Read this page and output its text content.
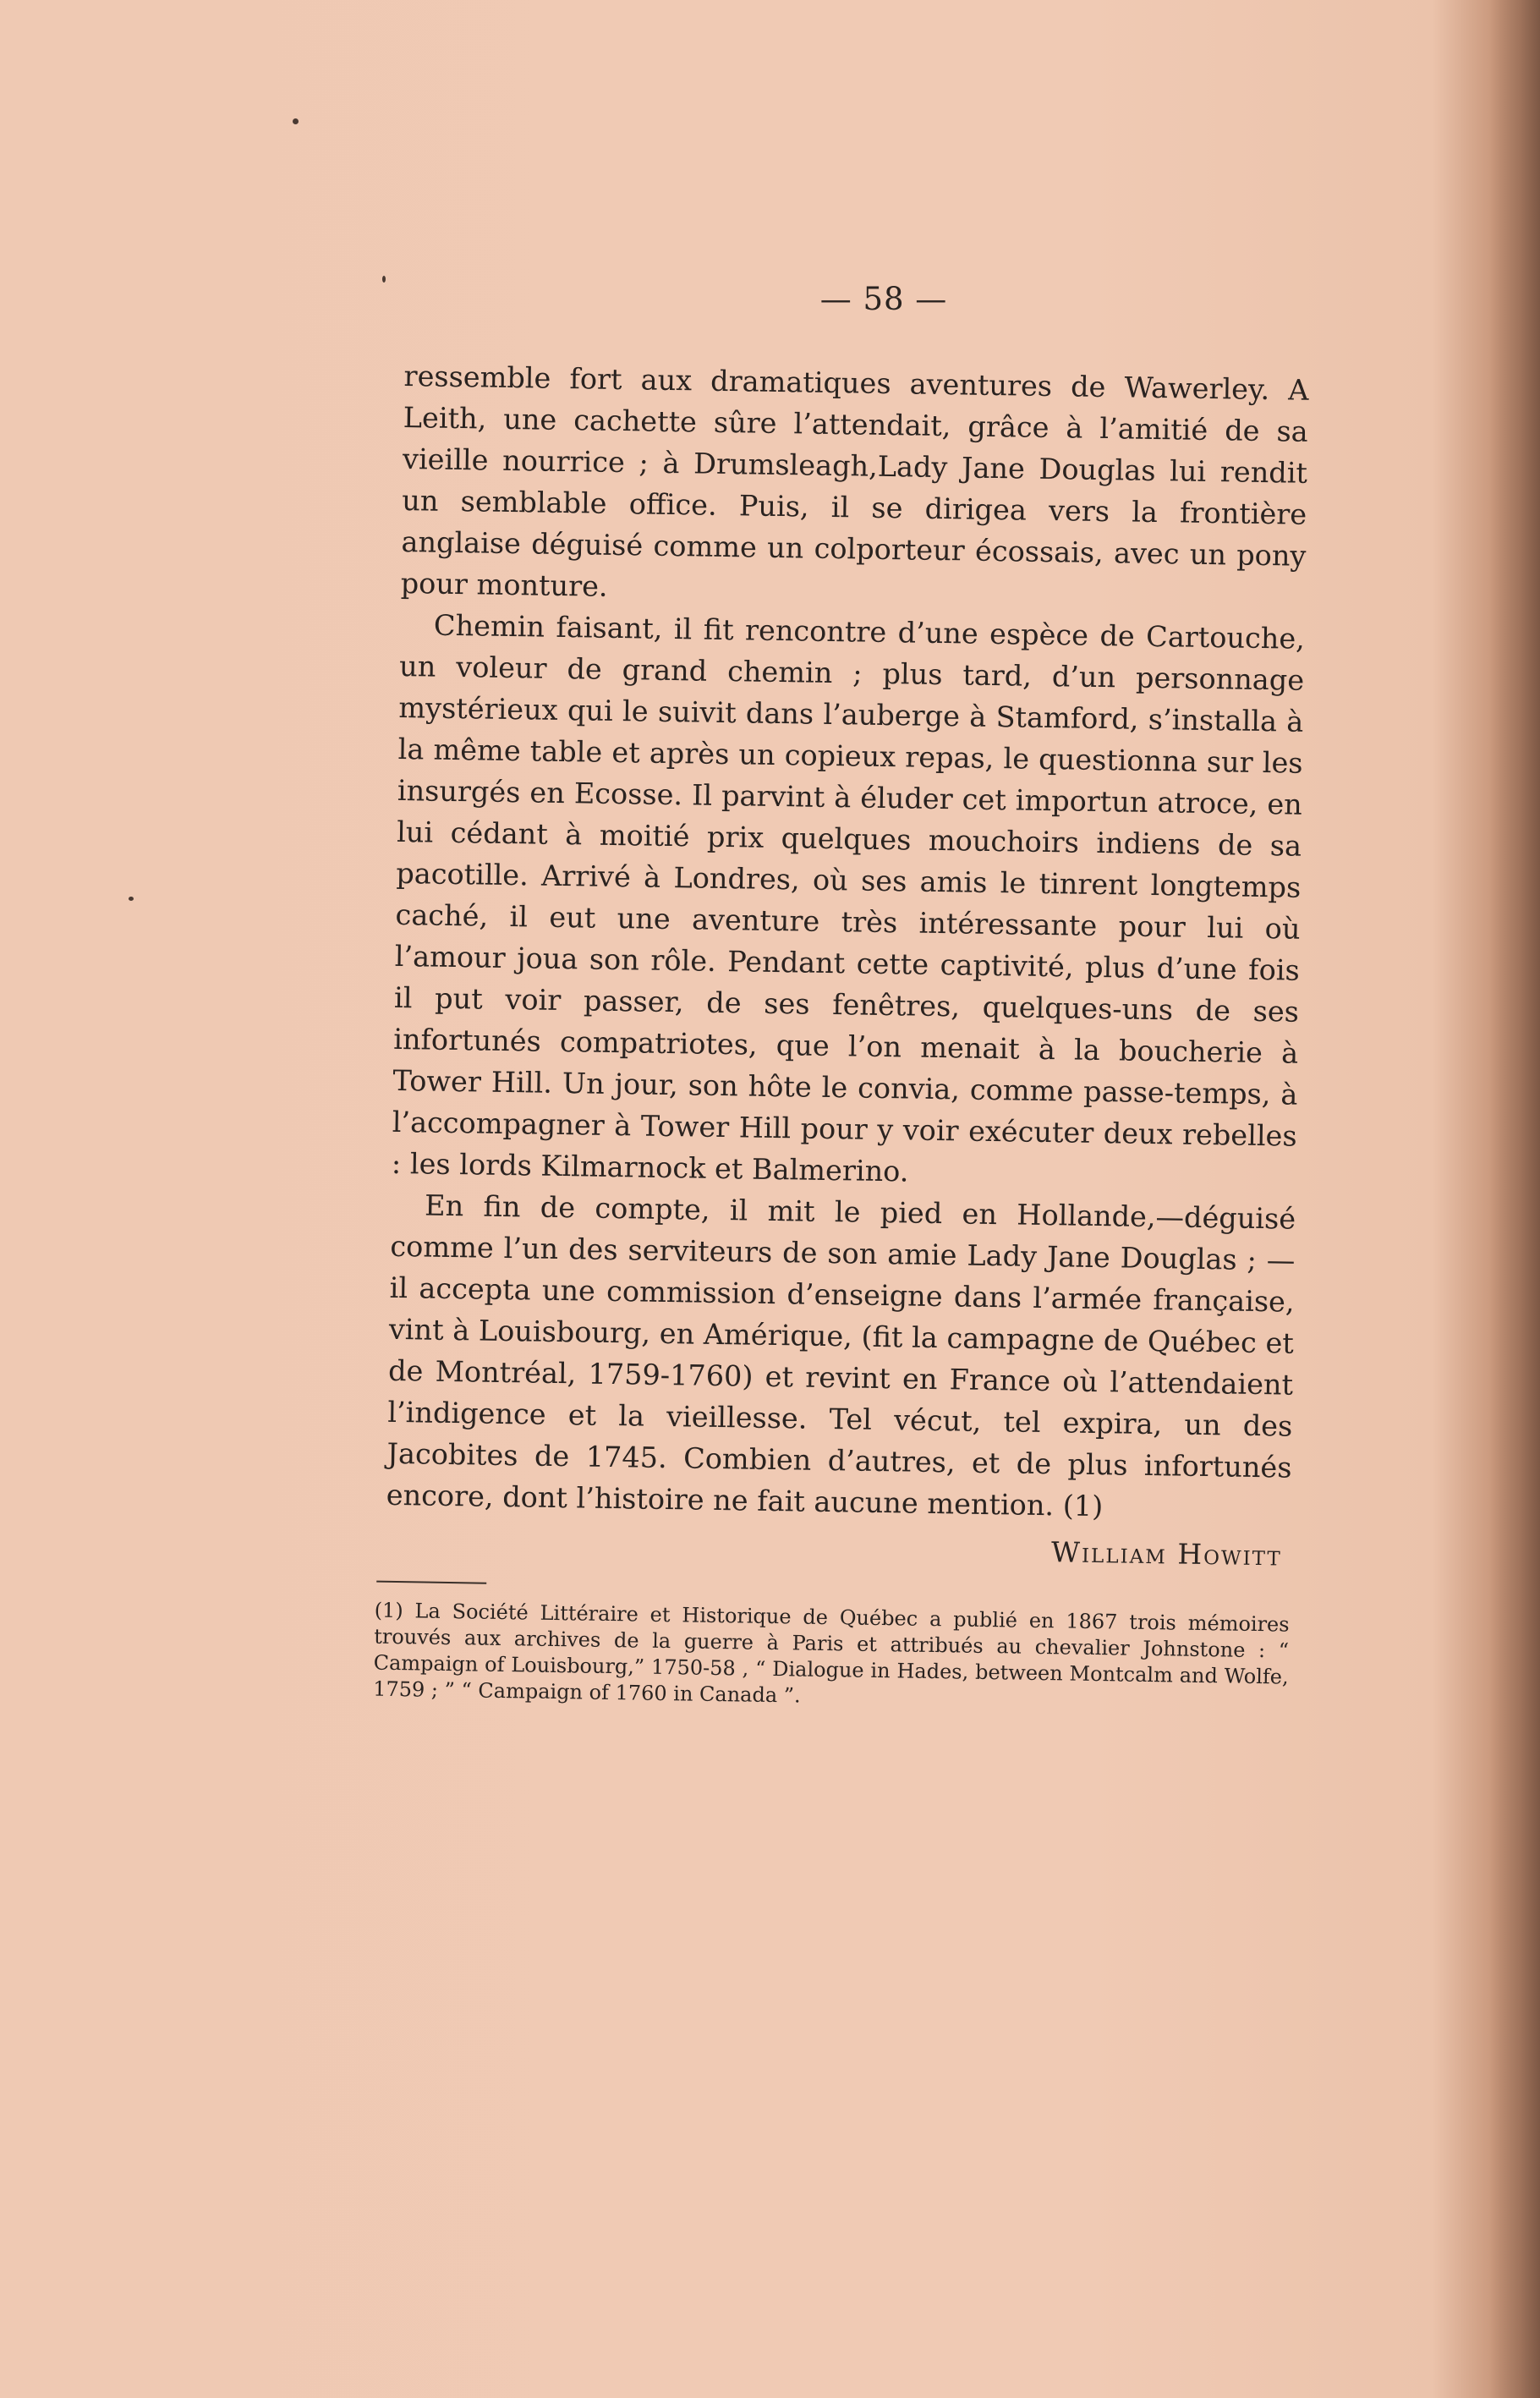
— 58 —

ressemble fort aux dramatiques aventures de Wawerley. A Leith, une cachette sûre l’attendait, grâce à l’amitié de sa vieille nourrice ; à Drumsleagh,Lady Jane Douglas lui rendit un semblable office. Puis, il se dirigea vers la frontière anglaise déguisé comme un colporteur écossais, avec un pony pour monture.

Chemin faisant, il fit rencontre d’une espèce de Cartouche, un voleur de grand chemin ; plus tard, d’un personnage mystérieux qui le suivit dans l’auberge à Stamford, s’installa à la même table et après un copieux repas, le questionna sur les insurgés en Ecosse. Il parvint à éluder cet importun atroce, en lui cédant à moitié prix quelques mouchoirs indiens de sa pacotille. Arrivé à Londres, où ses amis le tinrent longtemps caché, il eut une aventure très intéressante pour lui où l’amour joua son rôle. Pendant cette captivité, plus d’une fois il put voir passer, de ses fenêtres, quelques-uns de ses infortunés compatriotes, que l’on menait à la boucherie à Tower Hill. Un jour, son hôte le convia, comme passe-temps, à l’accompagner à Tower Hill pour y voir exécuter deux rebelles : les lords Kilmarnock et Balmerino.

En fin de compte, il mit le pied en Hollande,—déguisé comme l’un des serviteurs de son amie Lady Jane Douglas ; —il accepta une commission d’enseigne dans l’armée française, vint à Louisbourg, en Amérique, (fit la campagne de Québec et de Montréal, 1759-1760) et revint en France où l’attendaient l’indigence et la vieillesse. Tel vécut, tel expira, un des Jacobites de 1745. Combien d’autres, et de plus infortunés encore, dont l’histoire ne fait aucune mention. (1)

William Howitt

(1) La Société Littéraire et Historique de Québec a publié en 1867 trois mémoires trouvés aux archives de la guerre à Paris et attribués au chevalier Johnstone : “ Campaign of Louisbourg,” 1750-58 , “ Dialogue in Hades, between Montcalm and Wolfe, 1759 ; ” “ Campaign of 1760 in Canada ”.
